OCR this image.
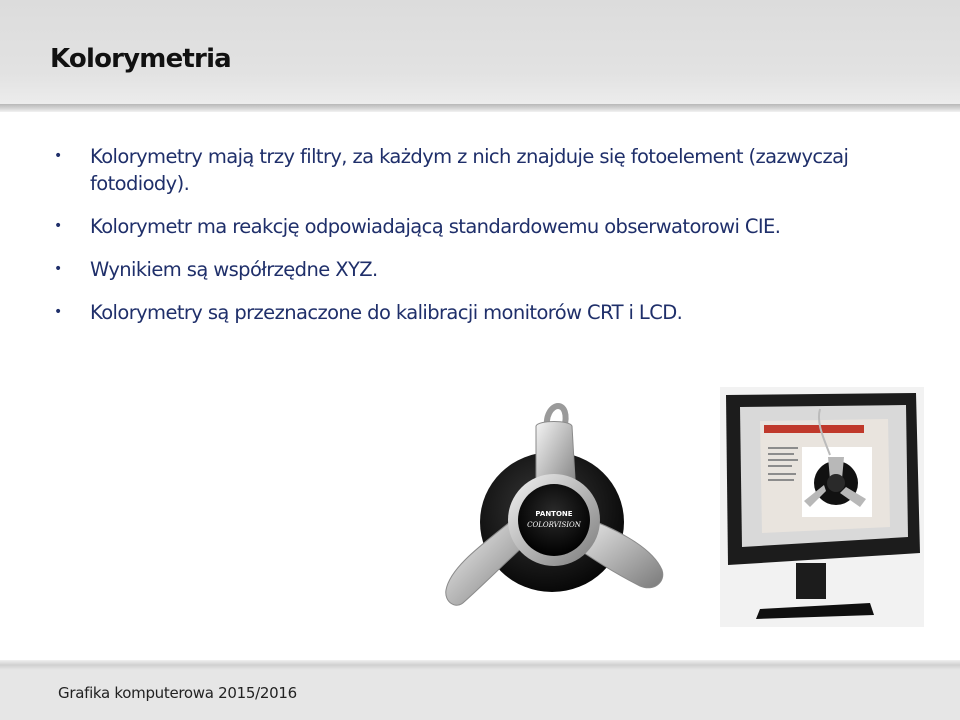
Kolorymetria
• Kolorymetry mają trzy filtry, za każdym z nich znajduje się fotoelement (zazwyczaj fotodiody).
• Kolorymetr ma reakcję odpowiadającą standardowemu obserwatorowi CIE.
• Wynikiem są współrzędne XYZ.
• Kolorymetry są przeznaczone do kalibracji monitorów CRT i LCD.
PANTONE
COLORVISION
Grafika komputerowa 2015/2016
